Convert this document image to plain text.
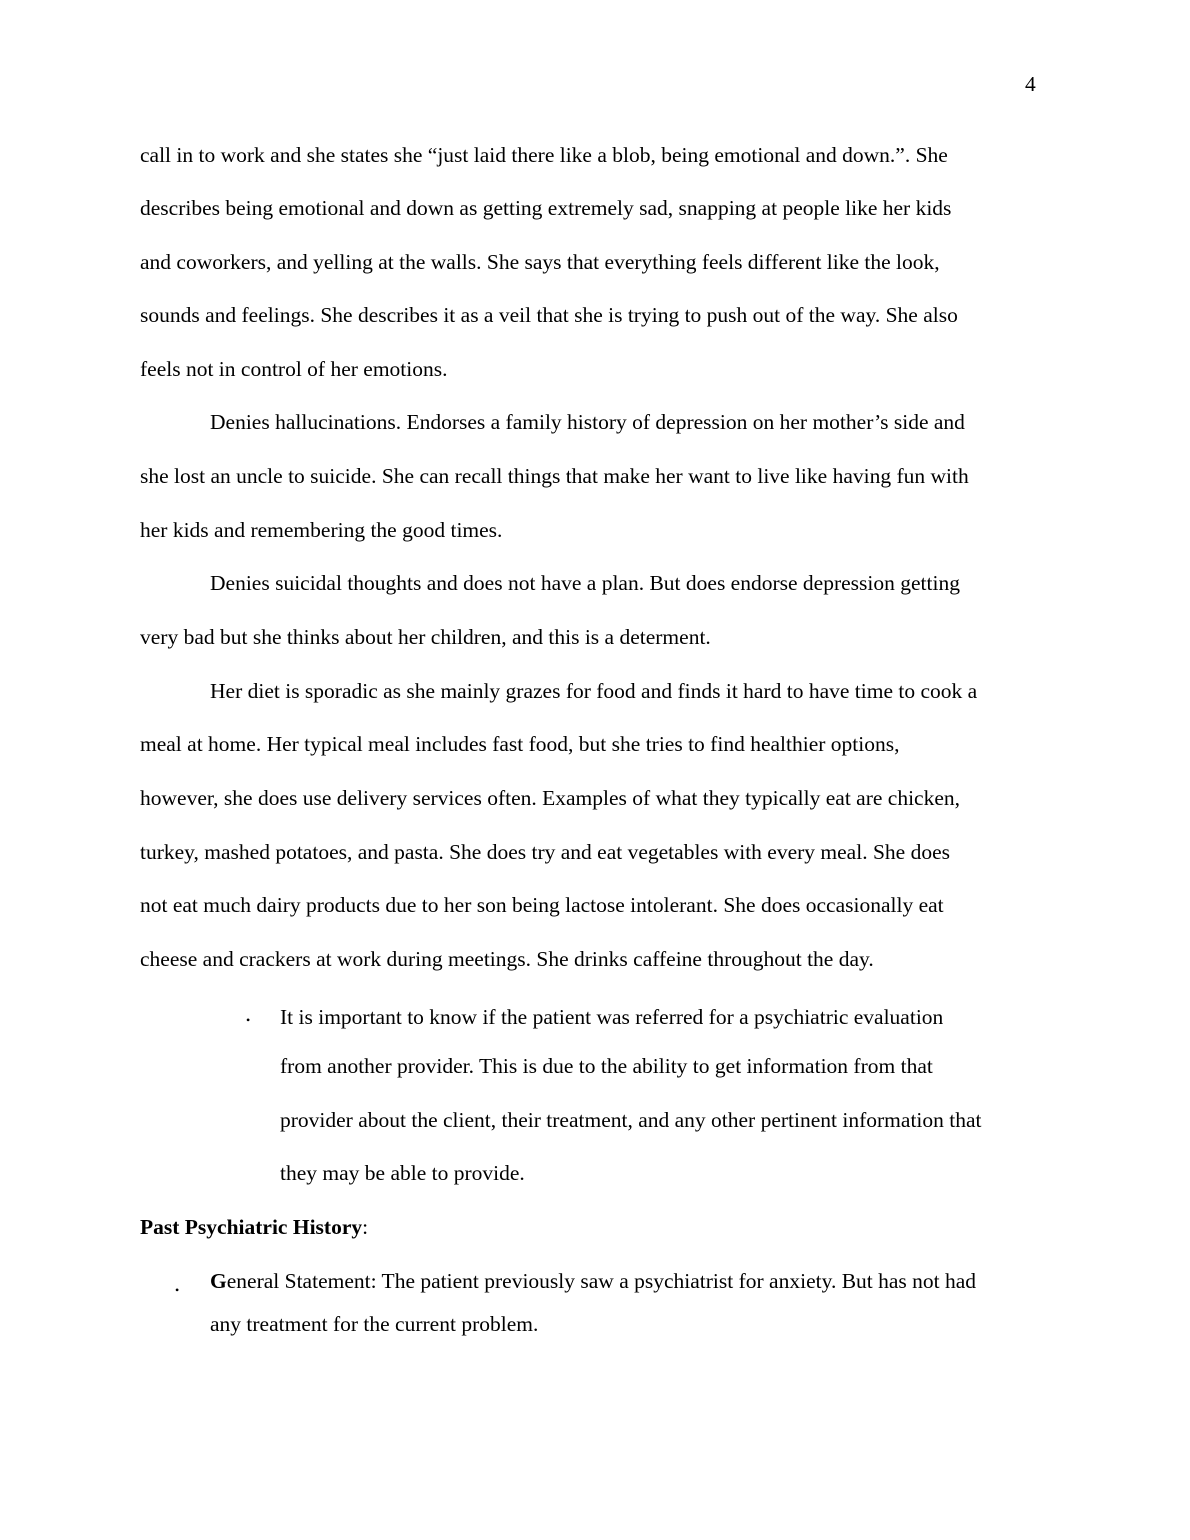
4
call in to work and she states she “just laid there like a blob, being emotional and down.”. She
describes being emotional and down as getting extremely sad, snapping at people like her kids
and coworkers, and yelling at the walls. She says that everything feels different like the look,
sounds and feelings. She describes it as a veil that she is trying to push out of the way. She also
feels not in control of her emotions.
Denies hallucinations. Endorses a family history of depression on her mother’s side and
she lost an uncle to suicide. She can recall things that make her want to live like having fun with
her kids and remembering the good times.
Denies suicidal thoughts and does not have a plan. But does endorse depression getting
very bad but she thinks about her children, and this is a determent.
Her diet is sporadic as she mainly grazes for food and finds it hard to have time to cook a
meal at home. Her typical meal includes fast food, but she tries to find healthier options,
however, she does use delivery services often. Examples of what they typically eat are chicken,
turkey, mashed potatoes, and pasta. She does try and eat vegetables with every meal. She does
not eat much dairy products due to her son being lactose intolerant. She does occasionally eat
cheese and crackers at work during meetings. She drinks caffeine throughout the day.
• It is important to know if the patient was referred for a psychiatric evaluation
from another provider. This is due to the ability to get information from that
provider about the client, their treatment, and any other pertinent information that
they may be able to provide.
Past Psychiatric History:
• General Statement: The patient previously saw a psychiatrist for anxiety. But has not had
any treatment for the current problem.
